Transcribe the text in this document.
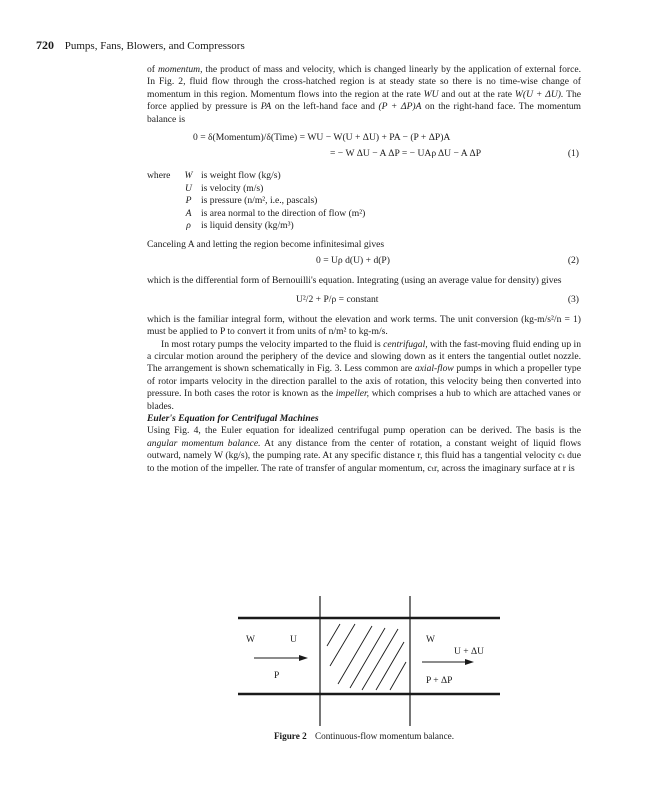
720 Pumps, Fans, Blowers, and Compressors

of momentum, the product of mass and velocity, which is changed linearly by the application of external force. In Fig. 2, fluid flow through the cross-hatched region is at steady state so there is no time-wise change of momentum in this region. Momentum flows into the region at the rate WU and out at the rate W(U + ΔU). The force applied by pressure is PA on the left-hand face and (P + ΔP)A on the right-hand face. The momentum balance is

0 = δ(Momentum)/δ(Time) = WU − W(U + ΔU) + PA − (P + ΔP)A
= − W ΔU − A ΔP = − UAρ ΔU − A ΔP	(1)
where	W is weight flow (kg/s)
U is velocity (m/s)
P is pressure (n/m², i.e., pascals)
A is area normal to the direction of flow (m²)
ρ	is liquid density (kg/m³)

Canceling A and letting the region become infinitesimal gives

0 = Uρ d(U) + d(P)	(2)

which is the differential form of Bernouilli's equation. Integrating (using an average value for density) gives

U²/2 + P/ρ = constant	(3)

which is the familiar integral form, without the elevation and work terms. The unit conversion (kg-m/s²/n = 1) must be applied to P to convert it from units of n/m² to kg-m/s.

In most rotary pumps the velocity imparted to the fluid is centrifugal, with the fast-moving fluid ending up in a circular motion around the periphery of the device and slowing down as it enters the tangential outlet nozzle. The arrangement is shown schematically in Fig. 3. Less common are axial-flow pumps in which a propeller type of rotor imparts velocity in the direction parallel to the axis of rotation, this velocity being then converted into pressure. In both cases the rotor is known as the impeller, which comprises a hub to which are attached vanes or blades.

Euler's Equation for Centrifugal Machines

Using Fig. 4, the Euler equation for idealized centrifugal pump operation can be derived. The basis is the angular momentum balance. At any distance from the center of rotation, a constant weight of liquid flows outward, namely W (kg/s), the pumping rate. At any specific distance r, this fluid has a tangential velocity cₜ due to the motion of the impeller. The rate of transfer of angular momentum, cₜr, across the imaginary surface at r is

W	U
P
W
U + ΔU
P + ΔP
Figure 2 Continuous-flow momentum balance.
